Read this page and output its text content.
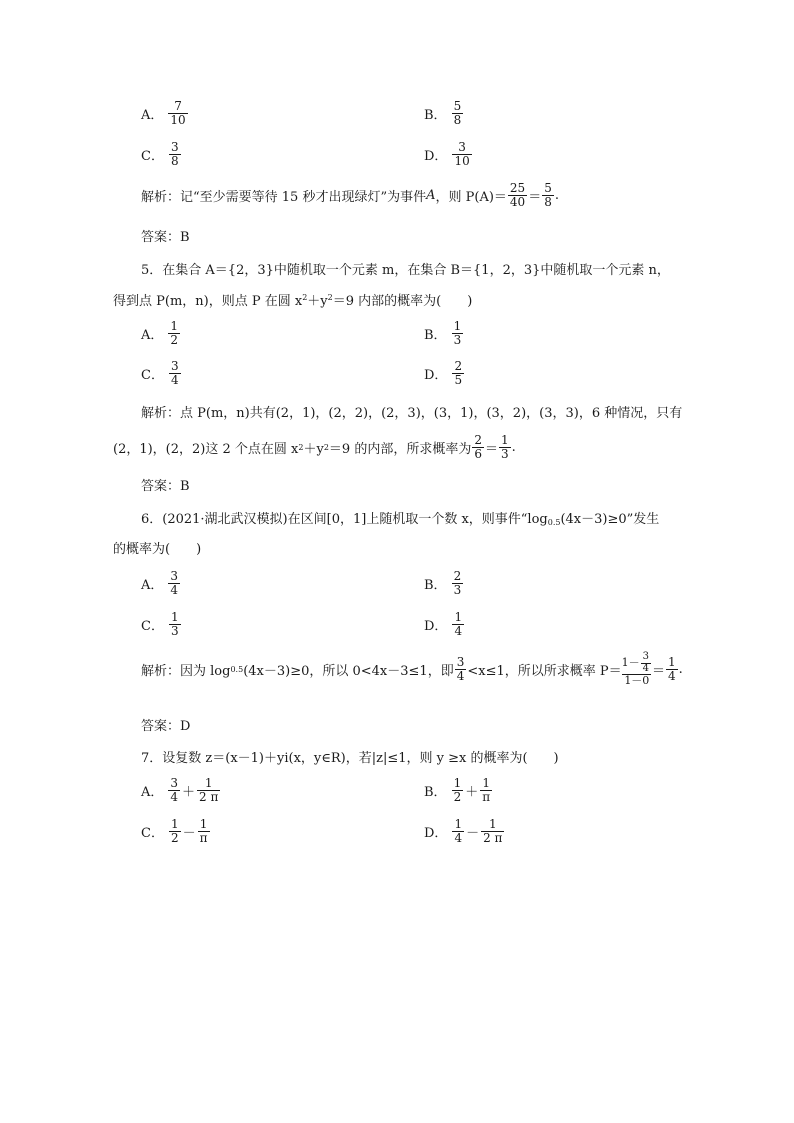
A． $\frac{7}{10}$	B． $\frac{5}{8}$
C． $\frac{3}{8}$	D． $\frac{3}{10}$
解析：记“至少需要等待 15 秒才出现绿灯”为事件 A ，则 $P(A)= \frac{25}{40} = \frac{5}{8}$ .
答案：B
5．在集合 A＝{2，3}中随机取一个元素 m，在集合 B＝{1，2，3}中随机取一个元素 n，
得到点 P(m，n)，则点 P 在圆 $x^2+y^2=9$ 内部的概率为(　　)
A． $\frac{1}{2}$	B． $\frac{1}{3}$
C． $\frac{3}{4}$	D． $\frac{2}{5}$
解析：点 P(m，n)共有(2，1)，(2，2)，(2，3)，(3，1)，(3，2)，(3，3)，6 种情况，只有
(2，1)，(2，2)这 2 个点在圆 x 2 ＋y 2 ＝9 的内部，所求概率为 $\frac{2}{6} = \frac{1}{3}$ .
答案：B
6．(2021·湖北武汉模拟)在区间[0，1]上随机取一个数 x，则事件“$\log_{0.5}(4x-3)\ge 0$”发生
的概率为(　　)
A． $\frac{3}{4}$	B． $\frac{2}{3}$
C． $\frac{1}{3}$	D． $\frac{1}{4}$
解析：因为 log 0.5 (4x－3)≥0，所以 0<4x－3≤1，即 $\frac{3}{4} <x\le 1$，所以所求概率 P＝
$1- \frac{3}{4}$
1－0
＝ $\frac{1}{4}$ .
答案：D
7．设复数 z＝(x－1)＋yi(x，y∈R)，若|z|≤1，则 y ≥x 的概率为(　　)
A． $\frac{3}{4} + \frac{1}{2 \pi}$	B． $\frac{1}{2} + \frac{1}{\pi}$
C． $\frac{1}{2} - \frac{1}{\pi}$	D． $\frac{1}{4} - \frac{1}{2 \pi}$
